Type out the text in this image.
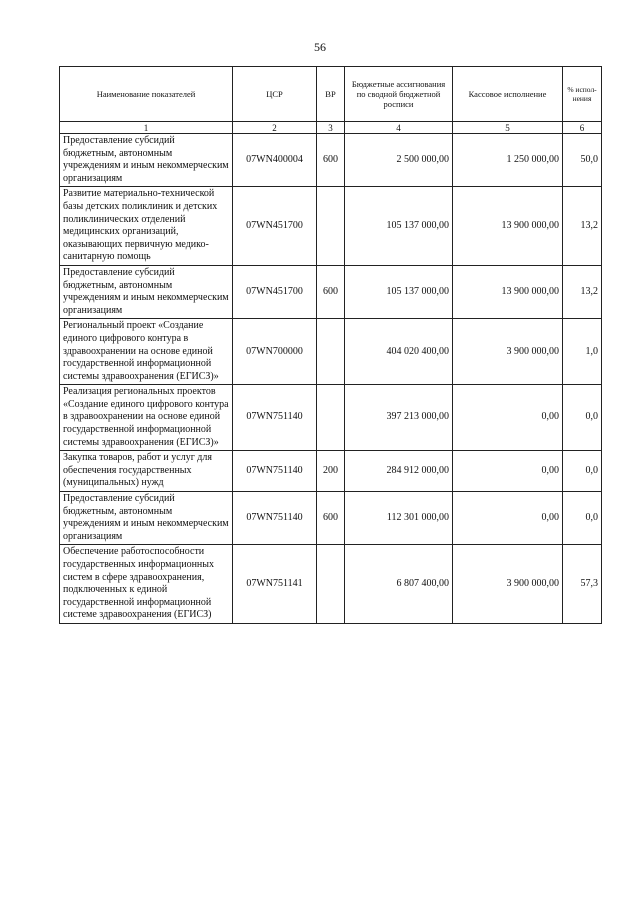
56
Наименование показателей	ЦСР	ВР	Бюджетные ассигнования по сводной бюджетной росписи	Кассовое исполнение	% испол-нения
1	2	3	4	5	6
Предоставление субсидий бюджетным, автономным учреждениям и иным некоммерческим организациям	07WN400004	600	2 500 000,00	1 250 000,00	50,0
Развитие материально-технической базы детских поликлиник и детских поликлинических отделений медицинских организаций, оказывающих первичную медико-санитарную помощь	07WN451700		105 137 000,00	13 900 000,00	13,2
Предоставление субсидий бюджетным, автономным учреждениям и иным некоммерческим организациям	07WN451700	600	105 137 000,00	13 900 000,00	13,2
Региональный проект «Создание единого цифрового контура в здравоохранении на основе единой государственной информационной системы здравоохранения (ЕГИСЗ)»	07WN700000		404 020 400,00	3 900 000,00	1,0
Реализация региональных проектов «Создание единого цифрового контура в здравоохранении на основе единой государственной информационной системы здравоохранения (ЕГИСЗ)»	07WN751140		397 213 000,00	0,00	0,0
Закупка товаров, работ и услуг для обеспечения государственных (муниципальных) нужд	07WN751140	200	284 912 000,00	0,00	0,0
Предоставление субсидий бюджетным, автономным учреждениям и иным некоммерческим организациям	07WN751140	600	112 301 000,00	0,00	0,0
Обеспечение работоспособности государственных информационных систем в сфере здравоохранения, подключенных к единой государственной информационной системе здравоохранения (ЕГИСЗ)	07WN751141		6 807 400,00	3 900 000,00	57,3
